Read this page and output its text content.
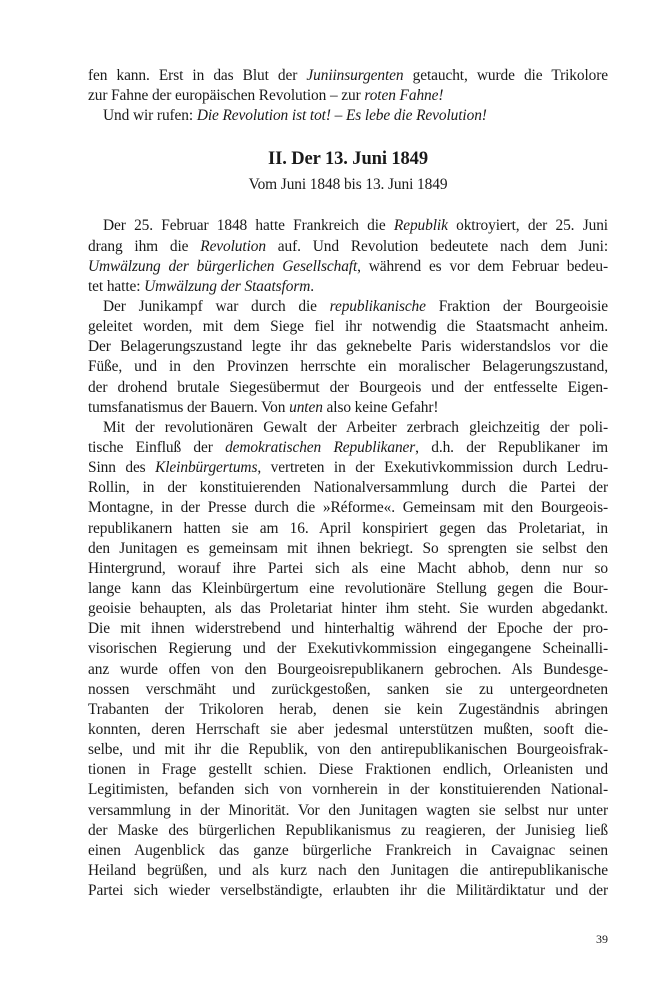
fen kann. Erst in das Blut der Juniinsurgenten getaucht, wurde die Trikolore
zur Fahne der europäischen Revolution – zur roten Fahne!
Und wir rufen: Die Revolution ist tot! – Es lebe die Revolution!
II. Der 13. Juni 1849
Vom Juni 1848 bis 13. Juni 1849
Der 25. Februar 1848 hatte Frankreich die Republik oktroyiert, der 25. Juni
drang ihm die Revolution auf. Und Revolution bedeutete nach dem Juni:
Umwälzung der bürgerlichen Gesellschaft, während es vor dem Februar bedeu-
tet hatte: Umwälzung der Staatsform.
Der Junikampf war durch die republikanische Fraktion der Bourgeoisie
geleitet worden, mit dem Siege fiel ihr notwendig die Staatsmacht anheim.
Der Belagerungszustand legte ihr das geknebelte Paris widerstandslos vor die
Füße, und in den Provinzen herrschte ein moralischer Belagerungszustand,
der drohend brutale Siegesübermut der Bourgeois und der entfesselte Eigen-
tumsfanatismus der Bauern. Von unten also keine Gefahr!
Mit der revolutionären Gewalt der Arbeiter zerbrach gleichzeitig der poli-
tische Einfluß der demokratischen Republikaner, d.h. der Republikaner im
Sinn des Kleinbürgertums, vertreten in der Exekutivkommission durch Ledru-
Rollin, in der konstituierenden Nationalversammlung durch die Partei der
Montagne, in der Presse durch die »Réforme«. Gemeinsam mit den Bourgeois-
republikanern hatten sie am 16. April konspiriert gegen das Proletariat, in
den Junitagen es gemeinsam mit ihnen bekriegt. So sprengten sie selbst den
Hintergrund, worauf ihre Partei sich als eine Macht abhob, denn nur so
lange kann das Kleinbürgertum eine revolutionäre Stellung gegen die Bour-
geoisie behaupten, als das Proletariat hinter ihm steht. Sie wurden abgedankt.
Die mit ihnen widerstrebend und hinterhaltig während der Epoche der pro-
visorischen Regierung und der Exekutivkommission eingegangene Scheinalli-
anz wurde offen von den Bourgeoisrepublikanern gebrochen. Als Bundesge-
nossen verschmäht und zurückgestoßen, sanken sie zu untergeordneten
Trabanten der Trikoloren herab, denen sie kein Zugeständnis abringen
konnten, deren Herrschaft sie aber jedesmal unterstützen mußten, sooft die-
selbe, und mit ihr die Republik, von den antirepublikanischen Bourgeoisfrak-
tionen in Frage gestellt schien. Diese Fraktionen endlich, Orleanisten und
Legitimisten, befanden sich von vornherein in der konstituierenden National-
versammlung in der Minorität. Vor den Junitagen wagten sie selbst nur unter
der Maske des bürgerlichen Republikanismus zu reagieren, der Junisieg ließ
einen Augenblick das ganze bürgerliche Frankreich in Cavaignac seinen
Heiland begrüßen, und als kurz nach den Junitagen die antirepublikanische
Partei sich wieder verselbständigte, erlaubten ihr die Militärdiktatur und der
39
